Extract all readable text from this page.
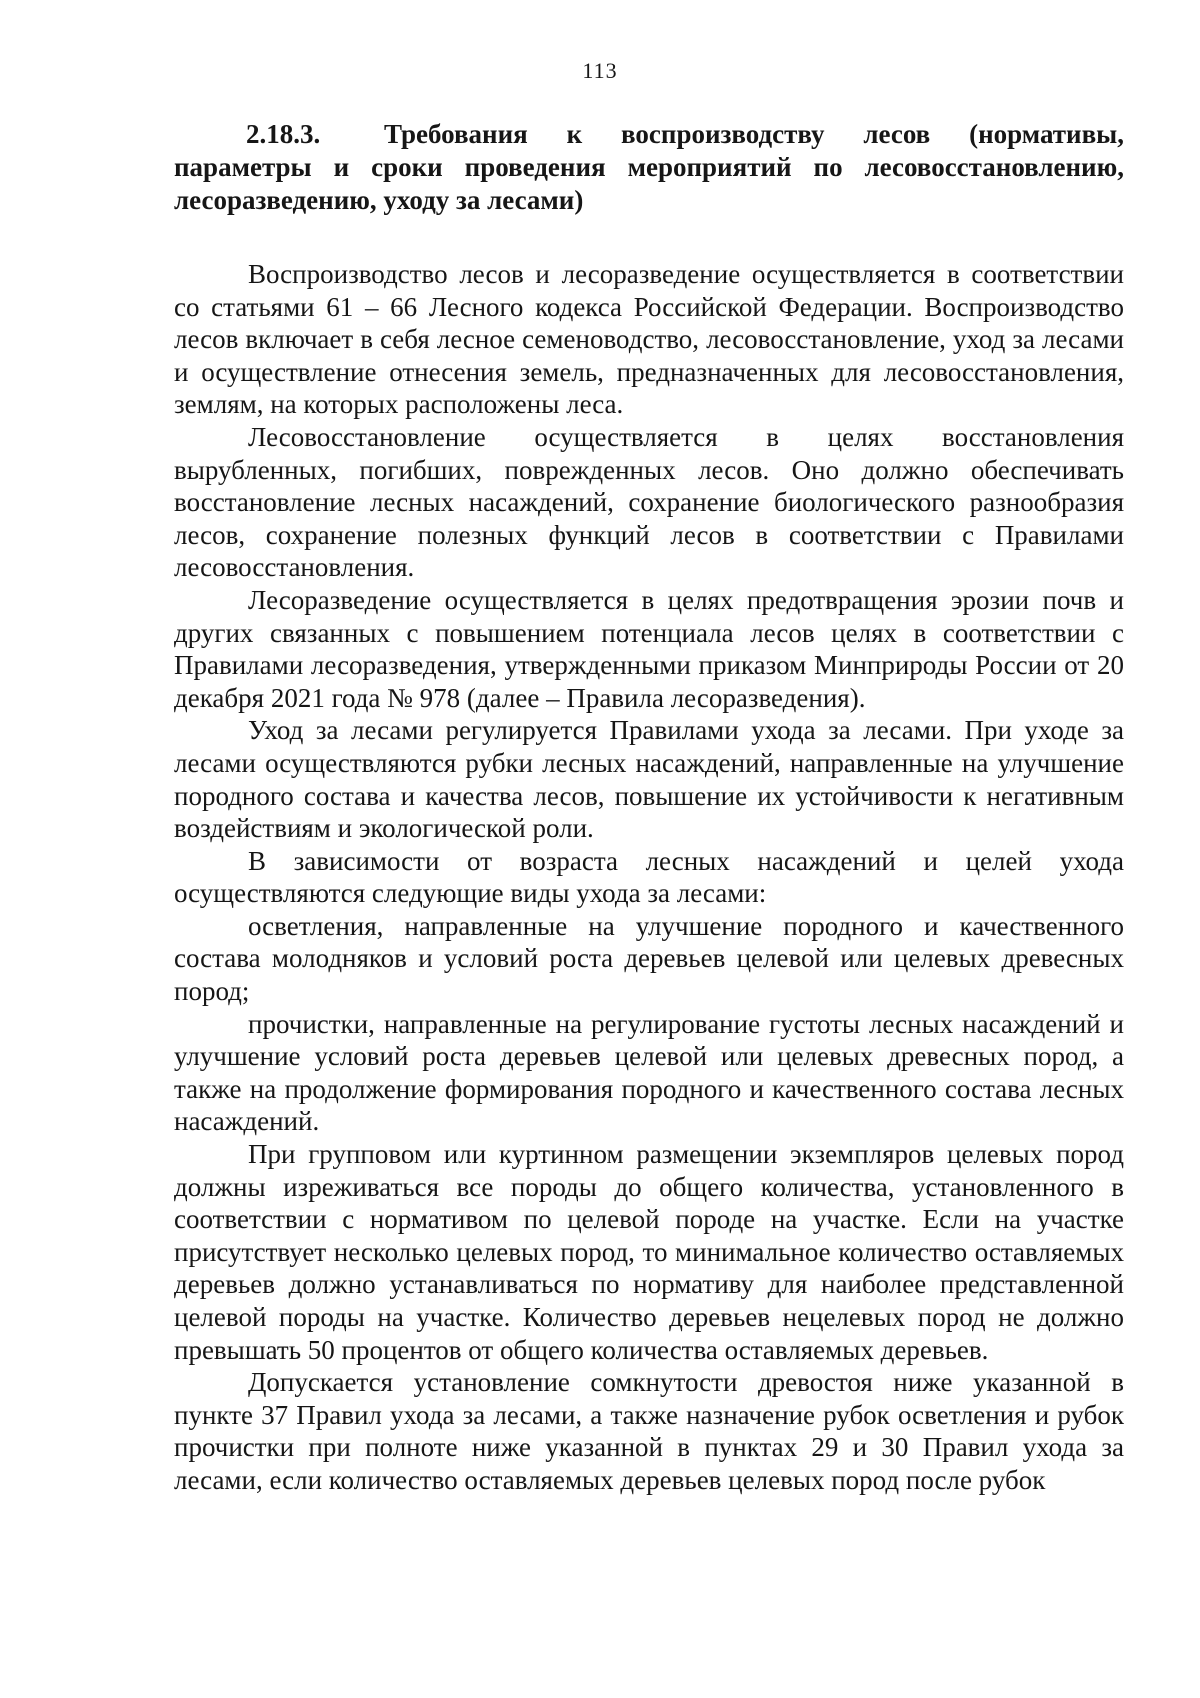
113
2.18.3. Требования к воспроизводству лесов (нормативы, параметры и сроки проведения мероприятий по лесовосстановлению, лесоразведению, уходу за лесами)

Воспроизводство лесов и лесоразведение осуществляется в соответствии со статьями 61 – 66 Лесного кодекса Российской Федерации. Воспроизводство лесов включает в себя лесное семеноводство, лесовосстановление, уход за лесами и осуществление отнесения земель, предназначенных для лесовосстановления, землям, на которых расположены леса.

Лесовосстановление осуществляется в целях восстановления вырубленных, погибших, поврежденных лесов. Оно должно обеспечивать восстановление лесных насаждений, сохранение биологического разнообразия лесов, сохранение полезных функций лесов в соответствии с Правилами лесовосстановления.

Лесоразведение осуществляется в целях предотвращения эрозии почв и других связанных с повышением потенциала лесов целях в соответствии с Правилами лесоразведения, утвержденными приказом Минприроды России от 20 декабря 2021 года № 978 (далее – Правила лесоразведения).

Уход за лесами регулируется Правилами ухода за лесами. При уходе за лесами осуществляются рубки лесных насаждений, направленные на улучшение породного состава и качества лесов, повышение их устойчивости к негативным воздействиям и экологической роли.

В зависимости от возраста лесных насаждений и целей ухода осуществляются следующие виды ухода за лесами:

осветления, направленные на улучшение породного и качественного состава молодняков и условий роста деревьев целевой или целевых древесных пород;

прочистки, направленные на регулирование густоты лесных насаждений и улучшение условий роста деревьев целевой или целевых древесных пород, а также на продолжение формирования породного и качественного состава лесных насаждений.

При групповом или куртинном размещении экземпляров целевых пород должны изреживаться все породы до общего количества, установленного в соответствии с нормативом по целевой породе на участке. Если на участке присутствует несколько целевых пород, то минимальное количество оставляемых деревьев должно устанавливаться по нормативу для наиболее представленной целевой породы на участке. Количество деревьев нецелевых пород не должно превышать 50 процентов от общего количества оставляемых деревьев.

Допускается установление сомкнутости древостоя ниже указанной в пункте 37 Правил ухода за лесами, а также назначение рубок осветления и рубок прочистки при полноте ниже указанной в пунктах 29 и 30 Правил ухода за лесами, если количество оставляемых деревьев целевых пород после рубок
